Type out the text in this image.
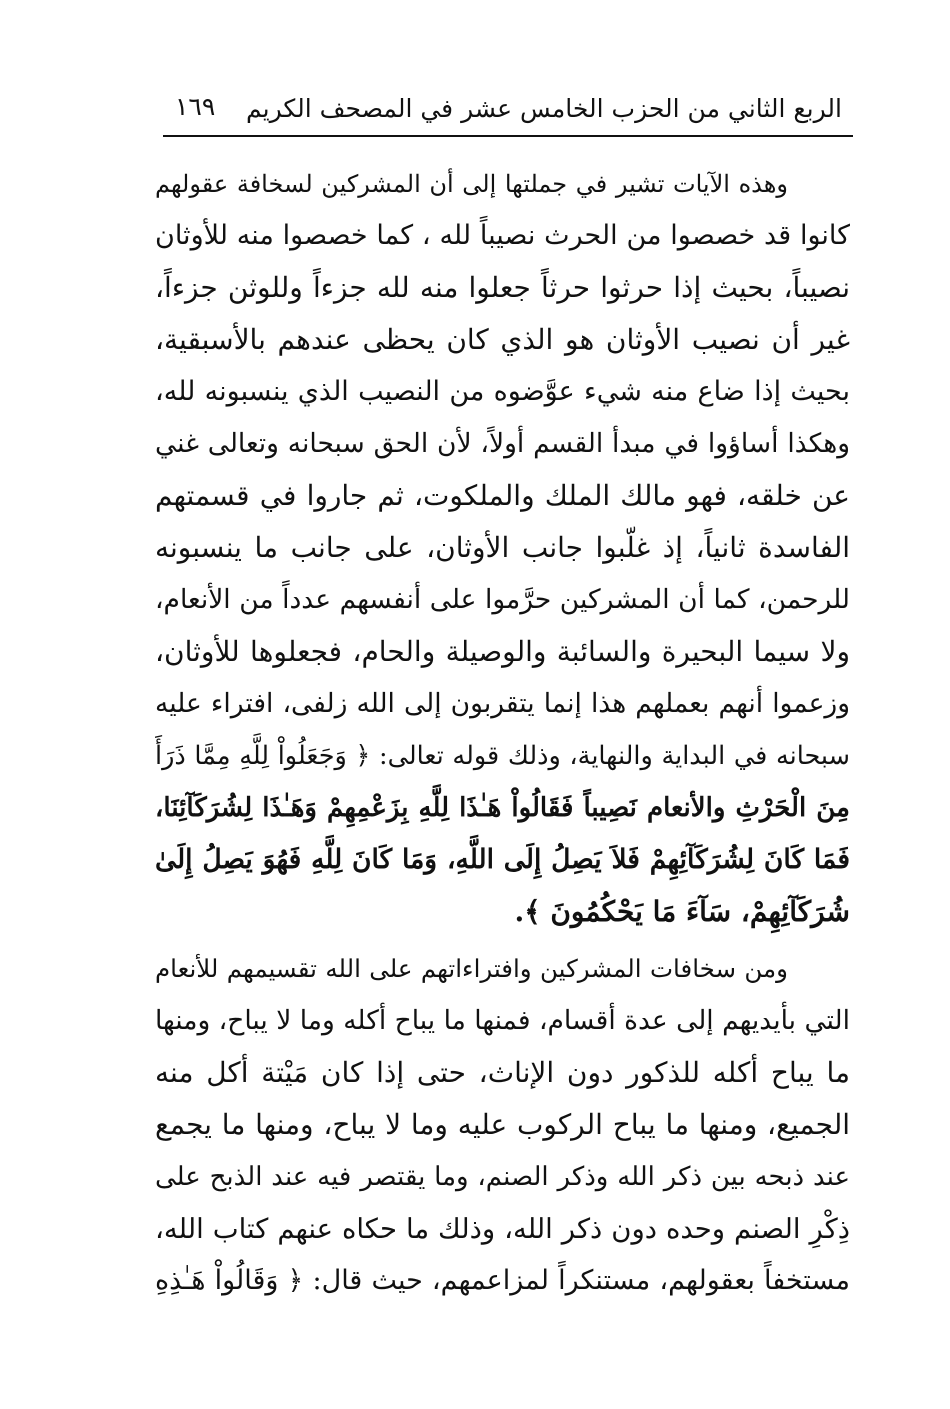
الربع الثاني من الحزب الخامس عشر في المصحف الكريم
١٦٩
وهذه الآيات تشير في جملتها إلى أن المشركين لسخافة عقولهم
كانوا قد خصصوا من الحرث نصيباً لله ، كما خصصوا منه للأوثان
نصيباً، بحيث إذا حرثوا حرثاً جعلوا منه لله جزءاً وللوثن جزءاً،
غير أن نصيب الأوثان هو الذي كان يحظى عندهم بالأسبقية،
بحيث إذا ضاع منه شيء عوَّضوه من النصيب الذي ينسبونه لله،
وهكذا أساؤوا في مبدأ القسم أولاً، لأن الحق سبحانه وتعالى غني
عن خلقه، فهو مالك الملك والملكوت، ثم جاروا في قسمتهم
الفاسدة ثانياً، إذ غلّبوا جانب الأوثان، على جانب ما ينسبونه
للرحمن، كما أن المشركين حرَّموا على أنفسهم عدداً من الأنعام،
ولا سيما البحيرة والسائبة والوصيلة والحام، فجعلوها للأوثان،
وزعموا أنهم بعملهم هذا إنما يتقربون إلى الله زلفى، افتراء عليه
سبحانه في البداية والنهاية، وذلك قوله تعالى: ﴿ وَجَعَلُواْ لِلَّهِ مِمَّا ذَرَأَ
مِنَ الْحَرْثِ والأنعام نَصِيباً فَقَالُواْ هَـٰذَا لِلَّهِ بِزَعْمِهِمْ وَهَـٰذَا لِشُرَكَآئِنَا،
فَمَا كَانَ لِشُرَكَآئِهِمْ فَلاَ يَصِلُ إِلَى اللَّهِ، وَمَا كَانَ لِلَّهِ فَهُوَ يَصِلُ إِلَىٰ
شُرَكَآئِهِمْ، سَآءَ مَا يَحْكُمُونَ ﴾.
ومن سخافات المشركين وافتراءاتهم على الله تقسيمهم للأنعام
التي بأيديهم إلى عدة أقسام، فمنها ما يباح أكله وما لا يباح، ومنها
ما يباح أكله للذكور دون الإناث، حتى إذا كان مَيْتة أكل منه
الجميع، ومنها ما يباح الركوب عليه وما لا يباح، ومنها ما يجمع
عند ذبحه بين ذكر الله وذكر الصنم، وما يقتصر فيه عند الذبح على
ذِكْرِ الصنم وحده دون ذكر الله، وذلك ما حكاه عنهم كتاب الله،
مستخفاً بعقولهم، مستنكراً لمزاعمهم، حيث قال: ﴿ وَقَالُواْ هَـٰذِهِ
